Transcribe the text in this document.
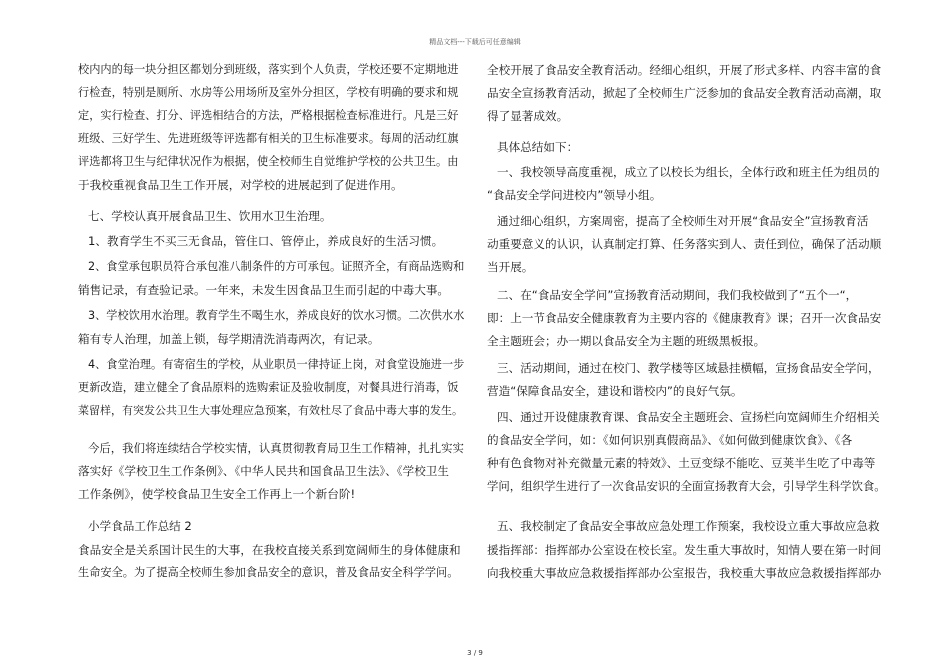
精品文档---下载后可任意编辑
校内内的每一块分担区都划分到班级，落实到个人负责，学校还要不定期地进
行检查，特别是厕所、水房等公用场所及室外分担区，学校有明确的要求和规
定，实行检查、打分、评选相结合的方法，严格根据检查标准进行。凡是三好
班级、三好学生、先进班级等评选都有相关的卫生标准要求。每周的活动红旗
评选都将卫生与纪律状况作为根据，使全校师生自觉维护学校的公共卫生。由
于我校重视食品卫生工作开展，对学校的进展起到了促进作用。
七、学校认真开展食品卫生、饮用水卫生治理。
1、教育学生不买三无食品，管住口、管停止，养成良好的生活习惯。
2、食堂承包职员符合承包准八制条件的方可承包。证照齐全，有商品选购和
销售记录，有查验记录。一年来，未发生因食品卫生而引起的中毒大事。
3、学校饮用水治理。教育学生不喝生水，养成良好的饮水习惯。二次供水水
箱有专人治理，加盖上锁，每学期清洗消毒两次，有记录。
4、食堂治理。有寄宿生的学校，从业职员一律持证上岗，对食堂设施进一步
更新改造，建立健全了食品原料的选购索证及验收制度，对餐具进行消毒，饭
菜留样，有突发公共卫生大事处理应急预案，有效杜尽了食品中毒大事的发生。
今后，我们将连续结合学校实情，认真贯彻教育局卫生工作精神，扎扎实实
落实好《学校卫生工作条例》、《中华人民共和国食品卫生法》、《学校卫生
工作条例》，使学校食品卫生安全工作再上一个新台阶!
小学食品工作总结 2
食品安全是关系国计民生的大事，在我校直接关系到宽阔师生的身体健康和
生命安全。为了提高全校师生参加食品安全的意识，普及食品安全科学学问。
全校开展了食品安全教育活动。经细心组织，开展了形式多样、内容丰富的食
品安全宣扬教育活动，掀起了全校师生广泛参加的食品安全教育活动高潮，取
得了显著成效。
具体总结如下：
一、我校领导高度重视，成立了以校长为组长，全体行政和班主任为组员的
“食品安全学问进校内”领导小组。
通过细心组织，方案周密，提高了全校师生对开展“食品安全”宣扬教育活
动重要意义的认识，认真制定打算、任务落实到人、责任到位，确保了活动顺
当开展。
二、在“食品安全学问”宣扬教育活动期间，我们我校做到了“五个一“，
即：上一节食品安全健康教育为主要内容的《健康教育》课；召开一次食品安
全主题班会；办一期以食品安全为主题的班级黑板报。
三、活动期间，通过在校门、教学楼等区域悬挂横幅，宣扬食品安全学问，
营造“保障食品安全，建设和谐校内”的良好气氛。
四、通过开设健康教育课、食品安全主题班会、宣扬栏向宽阔师生介绍相关
的食品安全学问，如：《如何识别真假商品》、《如何做到健康饮食》、《各
种有色食物对补充微量元素的特效》、土豆变绿不能吃、豆荚半生吃了中毒等
学问，组织学生进行了一次食品安识的全面宣扬教育大会，引导学生科学饮食。
五、我校制定了食品安全事故应急处理工作预案，我校设立重大事故应急救
援指挥部：指挥部办公室设在校长室。发生重大事故时，知情人要在第一时间
向我校重大事故应急救援指挥部办公室报告，我校重大事故应急救援指挥部办
3 / 9
